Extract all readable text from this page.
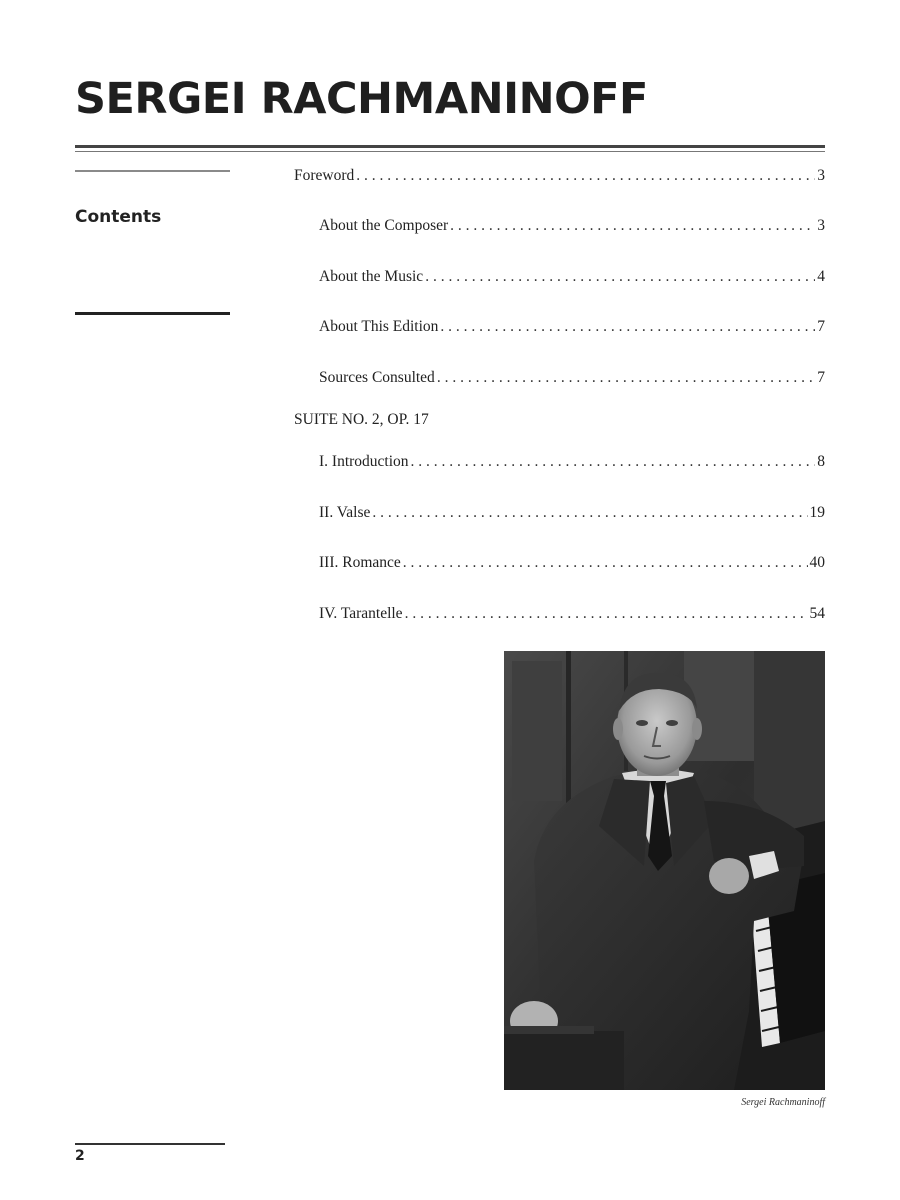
SERGEI RACHMANINOFF
Contents
Foreword . . .	3
About the Composer . . .	3
About the Music . . .	4
About This Edition . . .	7
Sources Consulted . . .	7
SUITE NO. 2, OP. 17
I. Introduction . . .	8
II. Valse . . .	19
III. Romance . . .	40
IV. Tarantelle . . .	54
Sergei Rachmaninoff
2
